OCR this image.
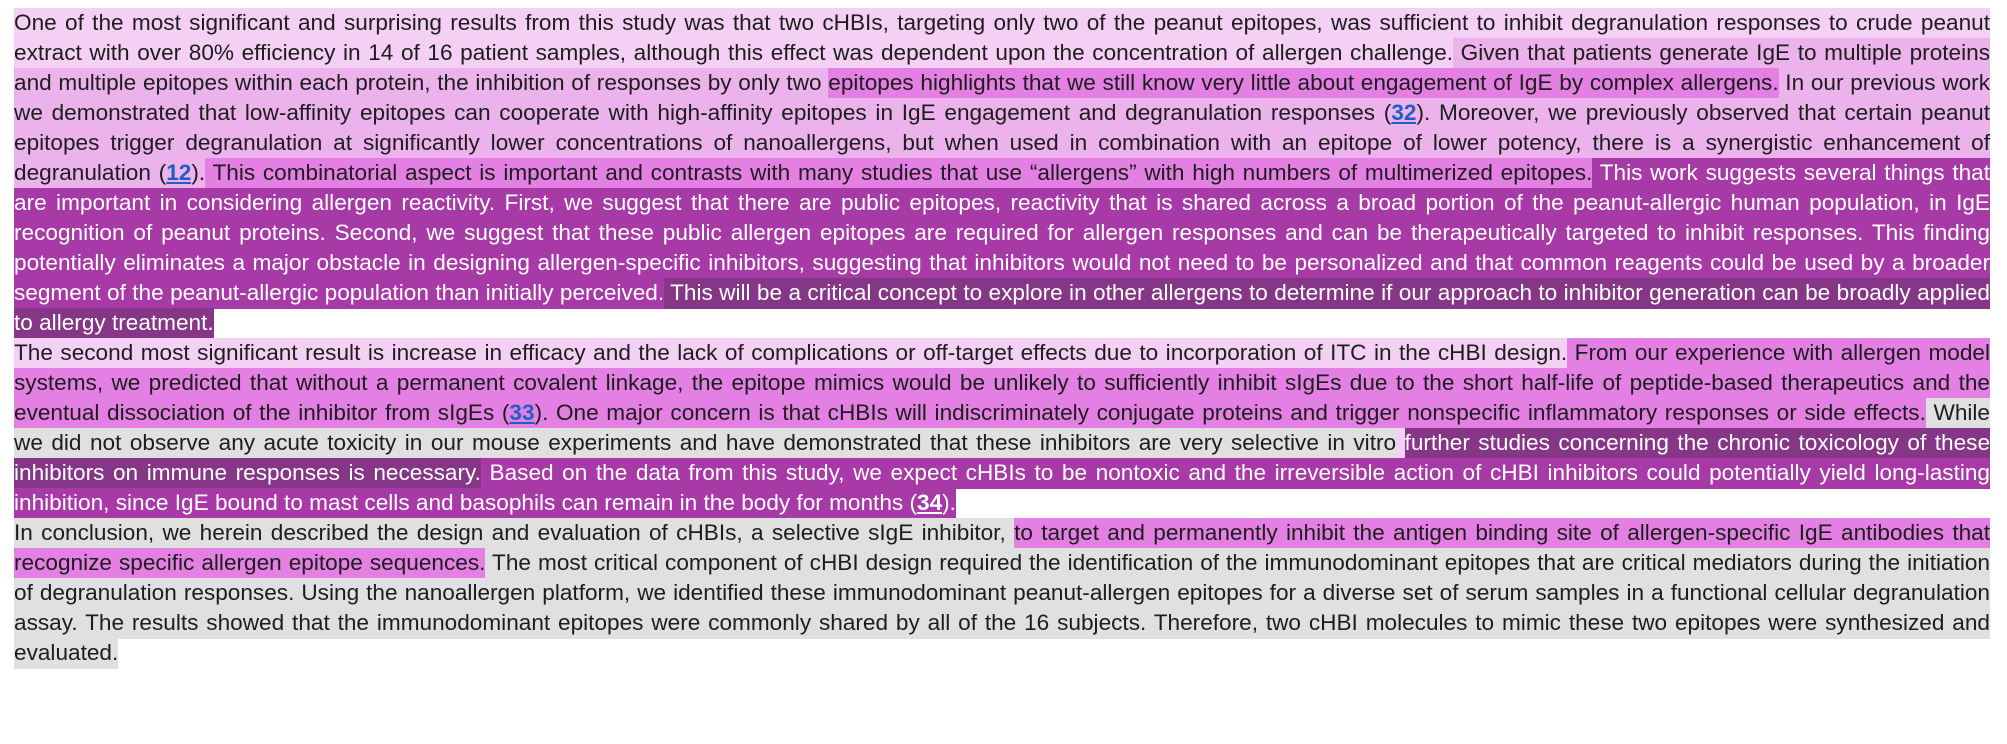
One of the most significant and surprising results from this study was that two cHBIs, targeting only two of the peanut epitopes, was sufficient to inhibit degranulation responses to crude peanut extract with over 80% efficiency in 14 of 16 patient samples, although this effect was dependent upon the concentration of allergen challenge. Given that patients generate IgE to multiple proteins and multiple epitopes within each protein, the inhibition of responses by only two epitopes highlights that we still know very little about engagement of IgE by complex allergens. In our previous work we demonstrated that low-affinity epitopes can cooperate with high-affinity epitopes in IgE engagement and degranulation responses (32). Moreover, we previously observed that certain peanut epitopes trigger degranulation at significantly lower concentrations of nanoallergens, but when used in combination with an epitope of lower potency, there is a synergistic enhancement of degranulation (12). This combinatorial aspect is important and contrasts with many studies that use “allergens” with high numbers of multimerized epitopes. This work suggests several things that are important in considering allergen reactivity. First, we suggest that there are public epitopes, reactivity that is shared across a broad portion of the peanut-allergic human population, in IgE recognition of peanut proteins. Second, we suggest that these public allergen epitopes are required for allergen responses and can be therapeutically targeted to inhibit responses. This finding potentially eliminates a major obstacle in designing allergen-specific inhibitors, suggesting that inhibitors would not need to be personalized and that common reagents could be used by a broader segment of the peanut-allergic population than initially perceived. This will be a critical concept to explore in other allergens to determine if our approach to inhibitor generation can be broadly applied to allergy treatment.

The second most significant result is increase in efficacy and the lack of complications or off-target effects due to incorporation of ITC in the cHBI design. From our experience with allergen model systems, we predicted that without a permanent covalent linkage, the epitope mimics would be unlikely to sufficiently inhibit sIgEs due to the short half-life of peptide-based therapeutics and the eventual dissociation of the inhibitor from sIgEs (33). One major concern is that cHBIs will indiscriminately conjugate proteins and trigger nonspecific inflammatory responses or side effects. While we did not observe any acute toxicity in our mouse experiments and have demonstrated that these inhibitors are very selective in vitro further studies concerning the chronic toxicology of these inhibitors on immune responses is necessary. Based on the data from this study, we expect cHBIs to be nontoxic and the irreversible action of cHBI inhibitors could potentially yield long-lasting inhibition, since IgE bound to mast cells and basophils can remain in the body for months (34).

In conclusion, we herein described the design and evaluation of cHBIs, a selective sIgE inhibitor, to target and permanently inhibit the antigen binding site of allergen-specific IgE antibodies that recognize specific allergen epitope sequences. The most critical component of cHBI design required the identification of the immunodominant epitopes that are critical mediators during the initiation of degranulation responses. Using the nanoallergen platform, we identified these immunodominant peanut-allergen epitopes for a diverse set of serum samples in a functional cellular degranulation assay. The results showed that the immunodominant epitopes were commonly shared by all of the 16 subjects. Therefore, two cHBI molecules to mimic these two epitopes were synthesized and evaluated.
